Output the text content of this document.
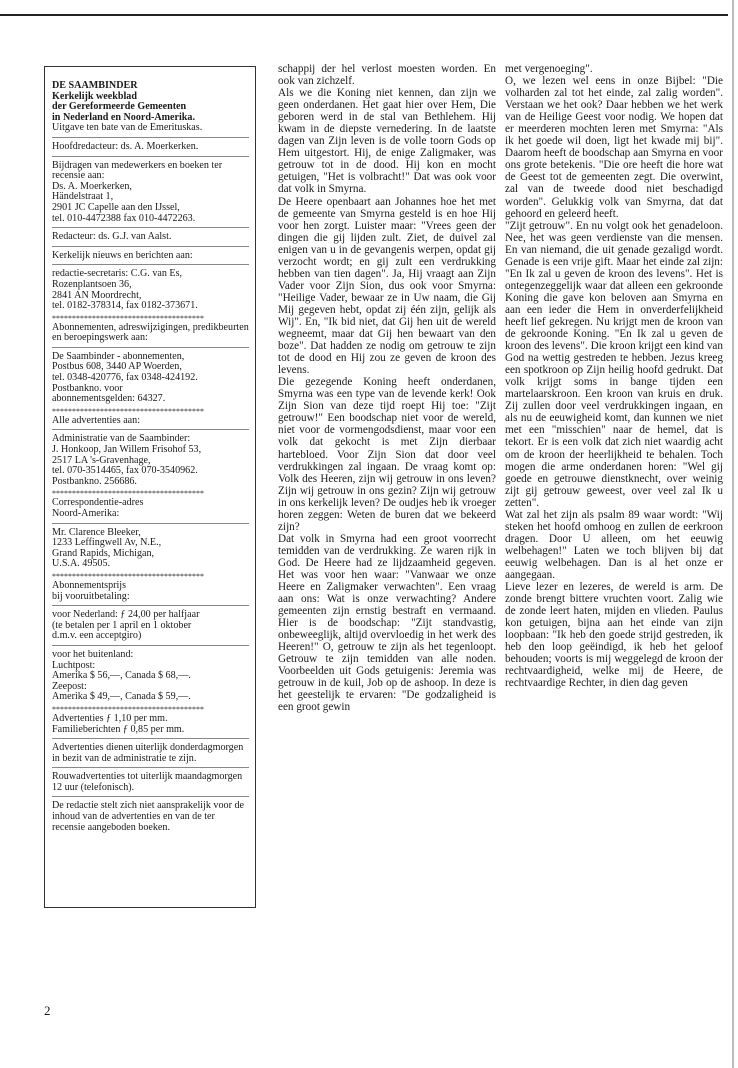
DE SAAMBINDER
Kerkelijk weekblad
der Gereformeerde Gemeenten
in Nederland en Noord-Amerika.

Uitgave ten bate van de Emerituskas.

Hoofdredacteur: ds. A. Moerkerken.

Bijdragen van medewerkers en boeken ter recensie aan:
Ds. A. Moerkerken,
Händelstraat 1,
2901 JC Capelle aan den IJssel,
tel. 010-4472388 fax 010-4472263.

Redacteur: ds. G.J. van Aalst.

Kerkelijk nieuws en berichten aan:

redactie-secretaris: C.G. van Es,
Rozenplantsoen 36,
2841 AN Moordrecht,
tel. 0182-378314, fax 0182-373671.

**************************************

Abonnementen, adreswijzigingen, predikbeurten en beroepingswerk aan:

De Saambinder - abonnementen,
Postbus 608, 3440 AP Woerden,
tel. 0348-420776, fax 0348-424192.
Postbankno. voor
abonnementsgelden: 64327.

**************************************

Alle advertenties aan:

Administratie van de Saambinder:
J. Honkoop, Jan Willem Frisohof 53,
2517 LA 's-Gravenhage,
tel. 070-3514465, fax 070-3540962.
Postbankno. 256686.

**************************************

Correspondentie-adres
Noord-Amerika:

Mr. Clarence Bleeker,
1233 Leffingwell Av, N.E.,
Grand Rapids, Michigan,
U.S.A. 49505.

**************************************

Abonnementsprijs
bij vooruitbetaling:

voor Nederland: ƒ 24,00 per halfjaar
(te betalen per 1 april en 1 oktober
d.m.v. een acceptgiro)

voor het buitenland:
Luchtpost:
Amerika $ 56,—, Canada $ 68,—.
Zeepost:
Amerika $ 49,—, Canada $ 59,—.

**************************************

Advertenties ƒ 1,10 per mm.
Familieberichten ƒ 0,85 per mm.

Advertenties dienen uiterlijk donderdagmorgen in bezit van de administratie te zijn.

Rouwadvertenties tot uiterlijk maandagmorgen 12 uur (telefonisch).

De redactie stelt zich niet aansprakelijk voor de inhoud van de advertenties en van de ter recensie aangeboden boeken.

schappij der hel verlost moesten worden. En ook van zichzelf.
Als we die Koning niet kennen, dan zijn we geen onderdanen. Het gaat hier over Hem, Die geboren werd in de stal van Bethlehem. Hij kwam in de diepste vernedering. In de laatste dagen van Zijn leven is de volle toorn Gods op Hem uitgestort. Hij, de enige Zaligmaker, was getrouw tot in de dood. Hij kon en mocht getuigen, "Het is volbracht!" Dat was ook voor dat volk in Smyrna.
De Heere openbaart aan Johannes hoe het met de gemeente van Smyrna gesteld is en hoe Hij voor hen zorgt. Luister maar: "Vrees geen der dingen die gij lijden zult. Ziet, de duivel zal enigen van u in de gevangenis werpen, opdat gij verzocht wordt; en gij zult een verdrukking hebben van tien dagen". Ja, Hij vraagt aan Zijn Vader voor Zijn Sion, dus ook voor Smyrna: "Heilige Vader, bewaar ze in Uw naam, die Gij Mij gegeven hebt, opdat zij één zijn, gelijk als Wij". En, "Ik bid niet, dat Gij hen uit de wereld wegneemt, maar dat Gij hen bewaart van den boze". Dat hadden ze nodig om getrouw te zijn tot de dood en Hij zou ze geven de kroon des levens.
Die gezegende Koning heeft onderdanen, Smyrna was een type van de levende kerk! Ook Zijn Sion van deze tijd roept Hij toe: "Zijt getrouw!" Een boodschap niet voor de wereld, niet voor de vormengodsdienst, maar voor een volk dat gekocht is met Zijn dierbaar hartebloed. Voor Zijn Sion dat door veel verdrukkingen zal ingaan. De vraag komt op: Volk des Heeren, zijn wij getrouw in ons leven? Zijn wij getrouw in ons gezin? Zijn wij getrouw in ons kerkelijk leven? De oudjes heb ik vroeger horen zeggen: Weten de buren dat we bekeerd zijn?
Dat volk in Smyrna had een groot voorrecht temidden van de verdrukking. Ze waren rijk in God. De Heere had ze lijdzaamheid gegeven. Het was voor hen waar: "Vanwaar we onze Heere en Zaligmaker verwachten". Een vraag aan ons: Wat is onze verwachting? Andere gemeenten zijn ernstig bestraft en vermaand. Hier is de boodschap: "Zijt standvastig, onbeweeglijk, altijd overvloedig in het werk des Heeren!" O, getrouw te zijn als het tegenloopt. Getrouw te zijn temidden van alle noden. Voorbeelden uit Gods getuigenis: Jeremia was getrouw in de kuil, Job op de ashoop. In deze is het geestelijk te ervaren: "De godzaligheid is een groot gewin

met vergenoeging".
O, we lezen wel eens in onze Bijbel: "Die volharden zal tot het einde, zal zalig worden". Verstaan we het ook? Daar hebben we het werk van de Heilige Geest voor nodig. We hopen dat er meerderen mochten leren met Smyrna: "Als ik het goede wil doen, ligt het kwade mij bij". Daarom heeft de boodschap aan Smyrna en voor ons grote betekenis. "Die ore heeft die hore wat de Geest tot de gemeenten zegt. Die overwint, zal van de tweede dood niet beschadigd worden". Gelukkig volk van Smyrna, dat dat gehoord en geleerd heeft.
"Zijt getrouw". En nu volgt ook het genadeloon. Nee, het was geen verdienste van die mensen. En van niemand, die uit genade gezaligd wordt. Genade is een vrije gift. Maar het einde zal zijn: "En Ik zal u geven de kroon des levens". Het is ontegenzeggelijk waar dat alleen een gekroonde Koning die gave kon beloven aan Smyrna en aan een ieder die Hem in onverderfelijkheid heeft lief gekregen. Nu krijgt men de kroon van de gekroonde Koning. "En Ik zal u geven de kroon des levens". Die kroon krijgt een kind van God na wettig gestreden te hebben. Jezus kreeg een spotkroon op Zijn heilig hoofd gedrukt. Dat volk krijgt soms in bange tijden een martelaarskroon. Een kroon van kruis en druk. Zij zullen door veel verdrukkingen ingaan, en als nu de eeuwigheid komt, dan kunnen we niet met een "misschien" naar de hemel, dat is tekort. Er is een volk dat zich niet waardig acht om de kroon der heerlijkheid te behalen. Toch mogen die arme onderdanen horen: "Wel gij goede en getrouwe dienstknecht, over weinig zijt gij getrouw geweest, over veel zal Ik u zetten".
Wat zal het zijn als psalm 89 waar wordt: "Wij steken het hoofd omhoog en zullen de eerkroon dragen. Door U alleen, om het eeuwig welbehagen!" Laten we toch blijven bij dat eeuwig welbehagen. Dan is al het onze er aangegaan.
Lieve lezer en lezeres, de wereld is arm. De zonde brengt bittere vruchten voort. Zalig wie de zonde leert haten, mijden en vlieden. Paulus kon getuigen, bijna aan het einde van zijn loopbaan: "Ik heb den goede strijd gestreden, ik heb den loop geëindigd, ik heb het geloof behouden; voorts is mij weggelegd de kroon der rechtvaardigheid, welke mij de Heere, de rechtvaardige Rechter, in dien dag geven

2
